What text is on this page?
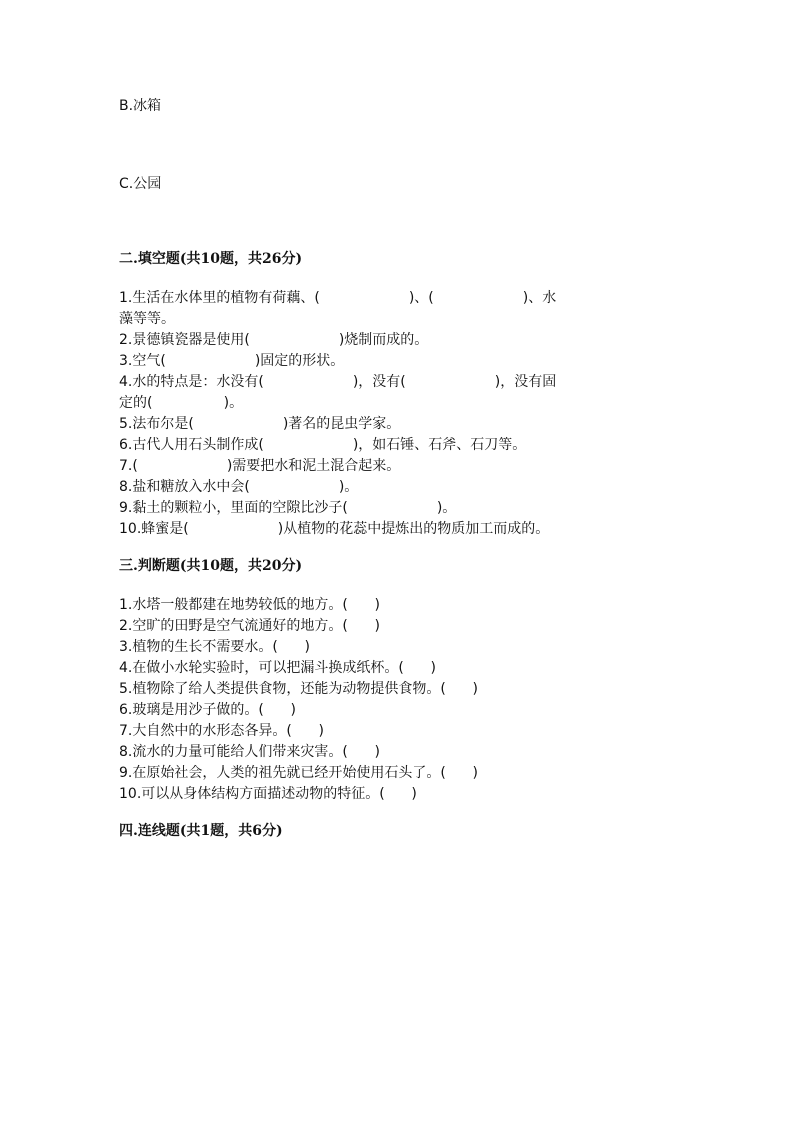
B.冰箱
C.公园
二.填空题(共10题，共26分)
1.生活在水体里的植物有荷藕、(                    )、(                    )、水
藻等等。
2.景德镇瓷器是使用(                    )烧制而成的。
3.空气(                    )固定的形状。
4.水的特点是：水没有(                    )，没有(                    )，没有固
定的(                )。
5.法布尔是(                    )著名的昆虫学家。
6.古代人用石头制作成(                    )，如石锤、石斧、石刀等。
7.(                    )需要把水和泥土混合起来。
8.盐和糖放入水中会(                    )。
9.黏土的颗粒小，里面的空隙比沙子(                    )。
10.蜂蜜是(                    )从植物的花蕊中提炼出的物质加工而成的。
三.判断题(共10题，共20分)
1.水塔一般都建在地势较低的地方。(      )
2.空旷的田野是空气流通好的地方。(      )
3.植物的生长不需要水。(      )
4.在做小水轮实验时，可以把漏斗换成纸杯。(      )
5.植物除了给人类提供食物，还能为动物提供食物。(      )
6.玻璃是用沙子做的。(      )
7.大自然中的水形态各异。(      )
8.流水的力量可能给人们带来灾害。(      )
9.在原始社会，人类的祖先就已经开始使用石头了。(      )
10.可以从身体结构方面描述动物的特征。(      )
四.连线题(共1题，共6分)
